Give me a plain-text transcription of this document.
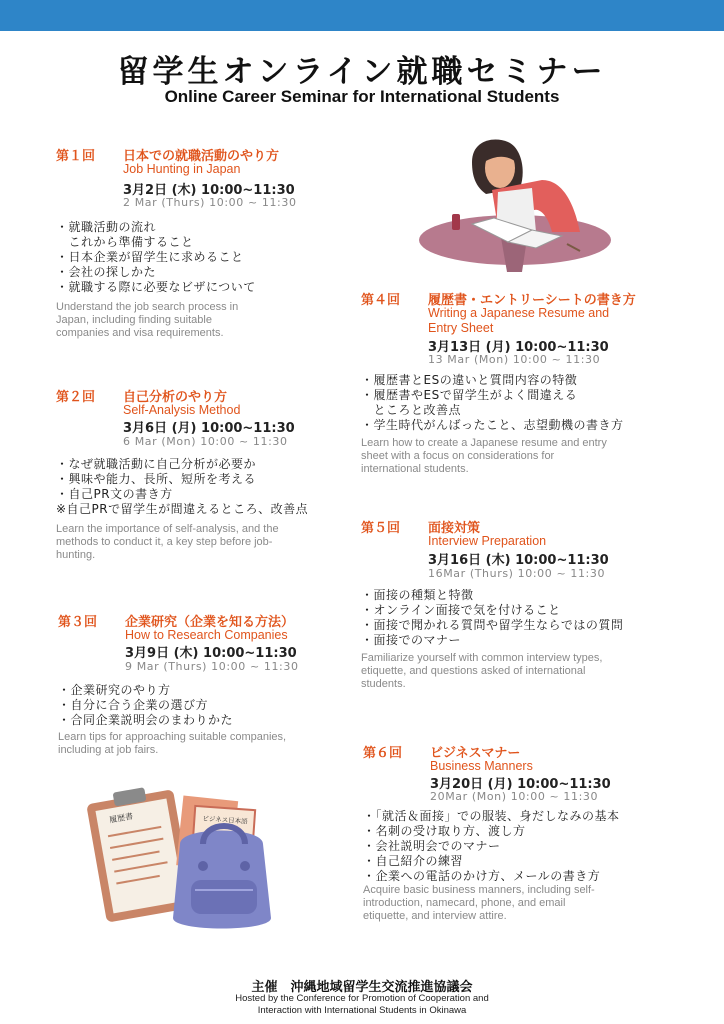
留学生オンライン就職セミナー
Online Career Seminar for International Students
第１回 日本での就職活動のやり方
Job Hunting in Japan
3月2日 (木) 10:00~11:30
2 Mar (Thurs) 10:00 ~ 11:30
・就職活動の流れ
　これから準備すること
・日本企業が留学生に求めること
・会社の探しかた
・就職する際に必要なビザについて
Understand the job search process in
Japan, including finding suitable
companies and visa requirements.
第２回 自己分析のやり方
Self-Analysis Method
3月6日 (月) 10:00~11:30
6 Mar (Mon) 10:00 ~ 11:30
・なぜ就職活動に自己分析が必要か
・興味や能力、長所、短所を考える
・自己PR文の書き方
※自己PRで留学生が間違えるところ、改善点
Learn the importance of self-analysis, and the
methods to conduct it, a key step before job-
hunting.
第３回 企業研究（企業を知る方法）
How to Research Companies
3月9日 (木) 10:00~11:30
9 Mar (Thurs) 10:00 ~ 11:30
・企業研究のやり方
・自分に合う企業の選び方
・合同企業説明会のまわりかた
Learn tips for approaching suitable companies,
including at job fairs.
第４回 履歴書・エントリーシートの書き方
Writing a Japanese Resume and
Entry Sheet
3月13日 (月) 10:00~11:30
13 Mar (Mon) 10:00 ~ 11:30
・履歴書とESの違いと質問内容の特徴
・履歴書やESで留学生がよく間違える
　ところと改善点
・学生時代がんばったこと、志望動機の書き方
Learn how to create a Japanese resume and entry
sheet with a focus on considerations for
international students.
第５回 面接対策
Interview Preparation
3月16日 (木) 10:00~11:30
16Mar (Thurs) 10:00 ~ 11:30
・面接の種類と特徴
・オンライン面接で気を付けること
・面接で聞かれる質問や留学生ならではの質問
・面接でのマナー
Familiarize yourself with common interview types,
etiquette, and questions asked of international
students.
第６回 ビジネスマナー
Business Manners
3月20日 (月) 10:00~11:30
20Mar (Mon) 10:00 ~ 11:30
・「就活＆面接」での服装、身だしなみの基本
・名刺の受け取り方、渡し方
・会社説明会でのマナー
・自己紹介の練習
・企業への電話のかけ方、メールの書き方
Acquire basic business manners, including self-
introduction, namecard, phone, and email
etiquette, and interview attire.
履歴書	ビジネス日本語
主催　沖縄地域留学生交流推進協議会
Hosted by the Conference for Promotion of Cooperation and
Interaction with International Students in Okinawa
